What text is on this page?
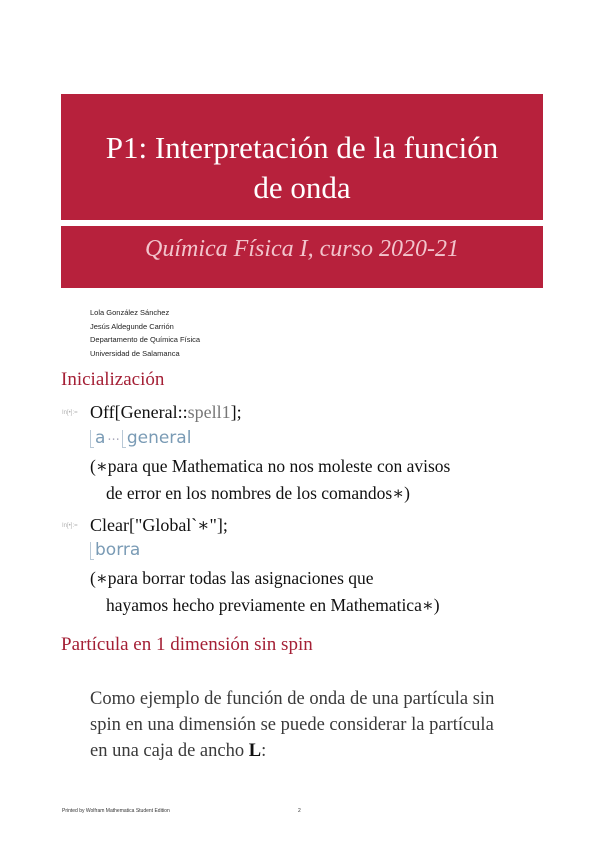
P1: Interpretación de la función
de onda
Química Física I, curso 2020-21
Lola González Sánchez
Jesús Aldegunde Carrión
Departamento de Química Física
Universidad de Salamanca
Inicialización
In[•]:= Off[General::spell1];
a ··· general
(∗para que Mathematica no nos moleste con avisos
de error en los nombres de los comandos∗)
In[•]:= Clear["Global`∗"];
borra
(∗para borrar todas las asignaciones que
hayamos hecho previamente en Mathematica∗)
Partícula en 1 dimensión sin spin
Como ejemplo de función de onda de una partícula sin
spin en una dimensión se puede considerar la partícula
en una caja de ancho L:
Printed by Wolfram Mathematica Student Edition	2
